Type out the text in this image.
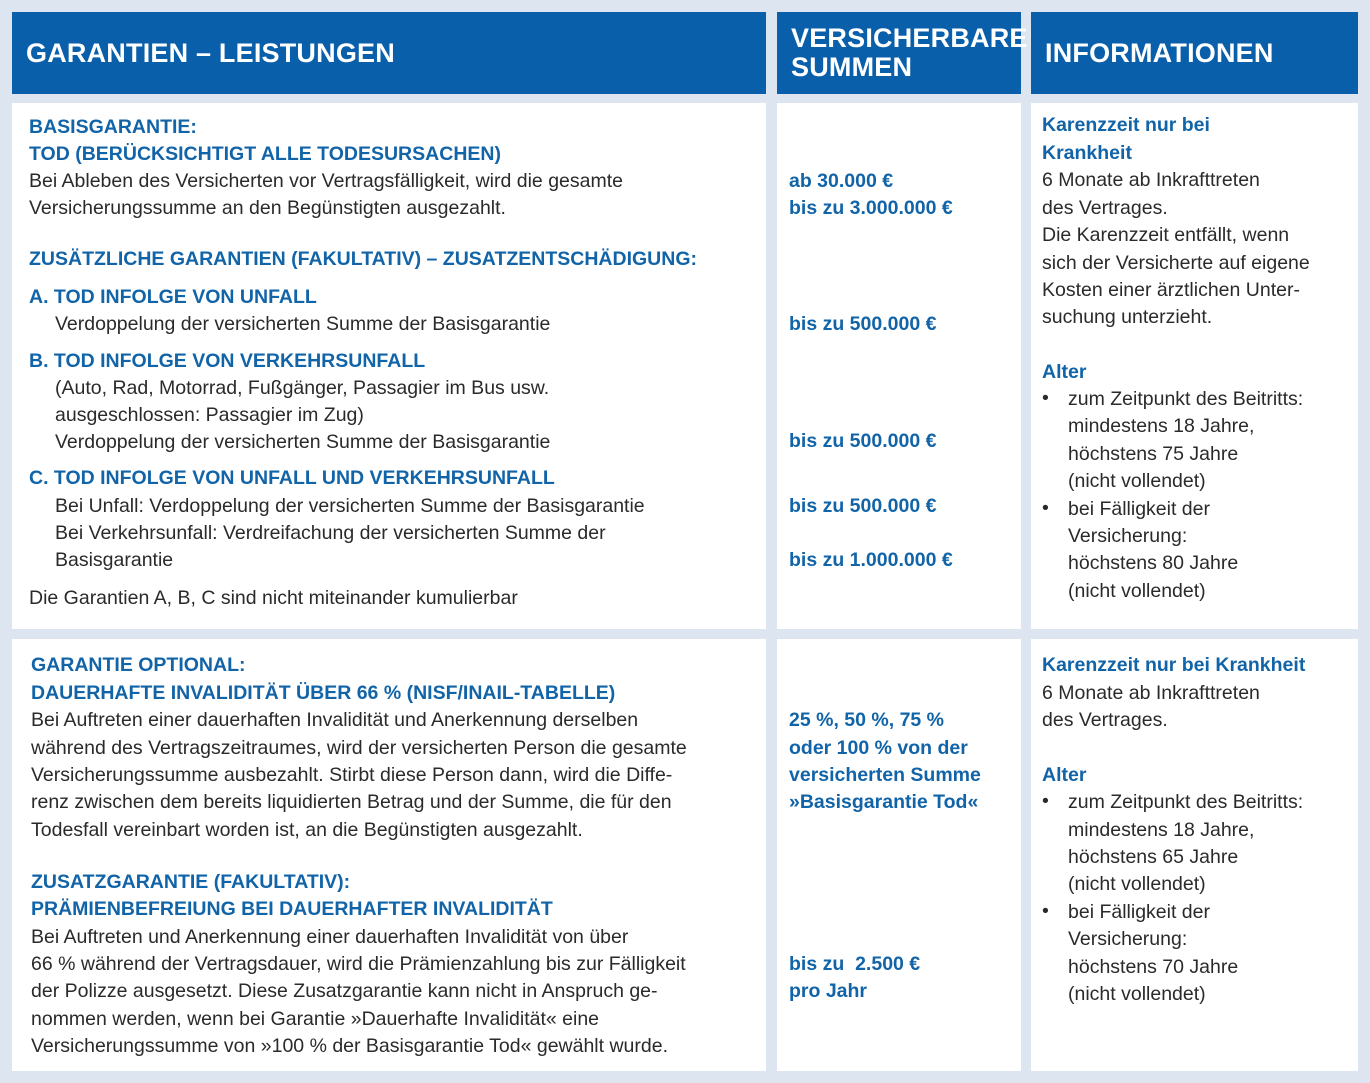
GARANTIEN – LEISTUNGEN	VERSICHERBARE
SUMMEN	INFORMATIONEN

BASISGARANTIE:

TOD (BERÜCKSICHTIGT ALLE TODESURSACHEN)

Bei Ableben des Versicherten vor Vertragsfälligkeit, wird die gesamte

Versicherungssumme an den Begünstigten ausgezahlt.

ZUSÄTZLICHE GARANTIEN (FAKULTATIV) – ZUSATZENTSCHÄDIGUNG:

A. TOD INFOLGE VON UNFALL

Verdoppelung der versicherten Summe der Basisgarantie

B. TOD INFOLGE VON VERKEHRSUNFALL

(Auto, Rad, Motorrad, Fußgänger, Passagier im Bus usw.

ausgeschlossen: Passagier im Zug)

Verdoppelung der versicherten Summe der Basisgarantie

C. TOD INFOLGE VON UNFALL UND VERKEHRSUNFALL

Bei Unfall: Verdoppelung der versicherten Summe der Basisgarantie

Bei Verkehrsunfall: Verdreifachung der versicherten Summe der

Basisgarantie

Die Garantien A, B, C sind nicht miteinander kumulierbar

ab 30.000 €

bis zu 3.000.000 €

bis zu 500.000 €

bis zu 500.000 €

bis zu 500.000 €

bis zu 1.000.000 €

Karenzzeit nur bei

Krankheit

6 Monate ab Inkrafttreten

des Vertrages.

Die Karenzzeit entfällt, wenn

sich der Versicherte auf eigene

Kosten einer ärztlichen Unter-

suchung unterzieht.

Alter

• zum Zeitpunkt des Beitritts:

mindestens 18 Jahre,

höchstens 75 Jahre

(nicht vollendet)

• bei Fälligkeit der

Versicherung:

höchstens 80 Jahre

(nicht vollendet)

GARANTIE OPTIONAL:

DAUERHAFTE INVALIDITÄT ÜBER 66 % (NISF/INAIL-TABELLE)

Bei Auftreten einer dauerhaften Invalidität und Anerkennung derselben

während des Vertragszeitraumes, wird der versicherten Person die gesamte

Versicherungssumme ausbezahlt. Stirbt diese Person dann, wird die Diffe-

renz zwischen dem bereits liquidierten Betrag und der Summe, die für den

Todesfall vereinbart worden ist, an die Begünstigten ausgezahlt.

ZUSATZGARANTIE (FAKULTATIV):

PRÄMIENBEFREIUNG BEI DAUERHAFTER INVALIDITÄT

Bei Auftreten und Anerkennung einer dauerhaften Invalidität von über

66 % während der Vertragsdauer, wird die Prämienzahlung bis zur Fälligkeit

der Polizze ausgesetzt. Diese Zusatzgarantie kann nicht in Anspruch ge-

nommen werden, wenn bei Garantie »Dauerhafte Invalidität« eine

Versicherungssumme von »100 % der Basisgarantie Tod« gewählt wurde.

25 %, 50 %, 75 %

oder 100 % von der

versicherten Summe

»Basisgarantie Tod«

bis zu  2.500 €

pro Jahr

Karenzzeit nur bei Krankheit

6 Monate ab Inkrafttreten

des Vertrages.

Alter

• zum Zeitpunkt des Beitritts:

mindestens 18 Jahre,

höchstens 65 Jahre

(nicht vollendet)

• bei Fälligkeit der

Versicherung:

höchstens 70 Jahre

(nicht vollendet)
